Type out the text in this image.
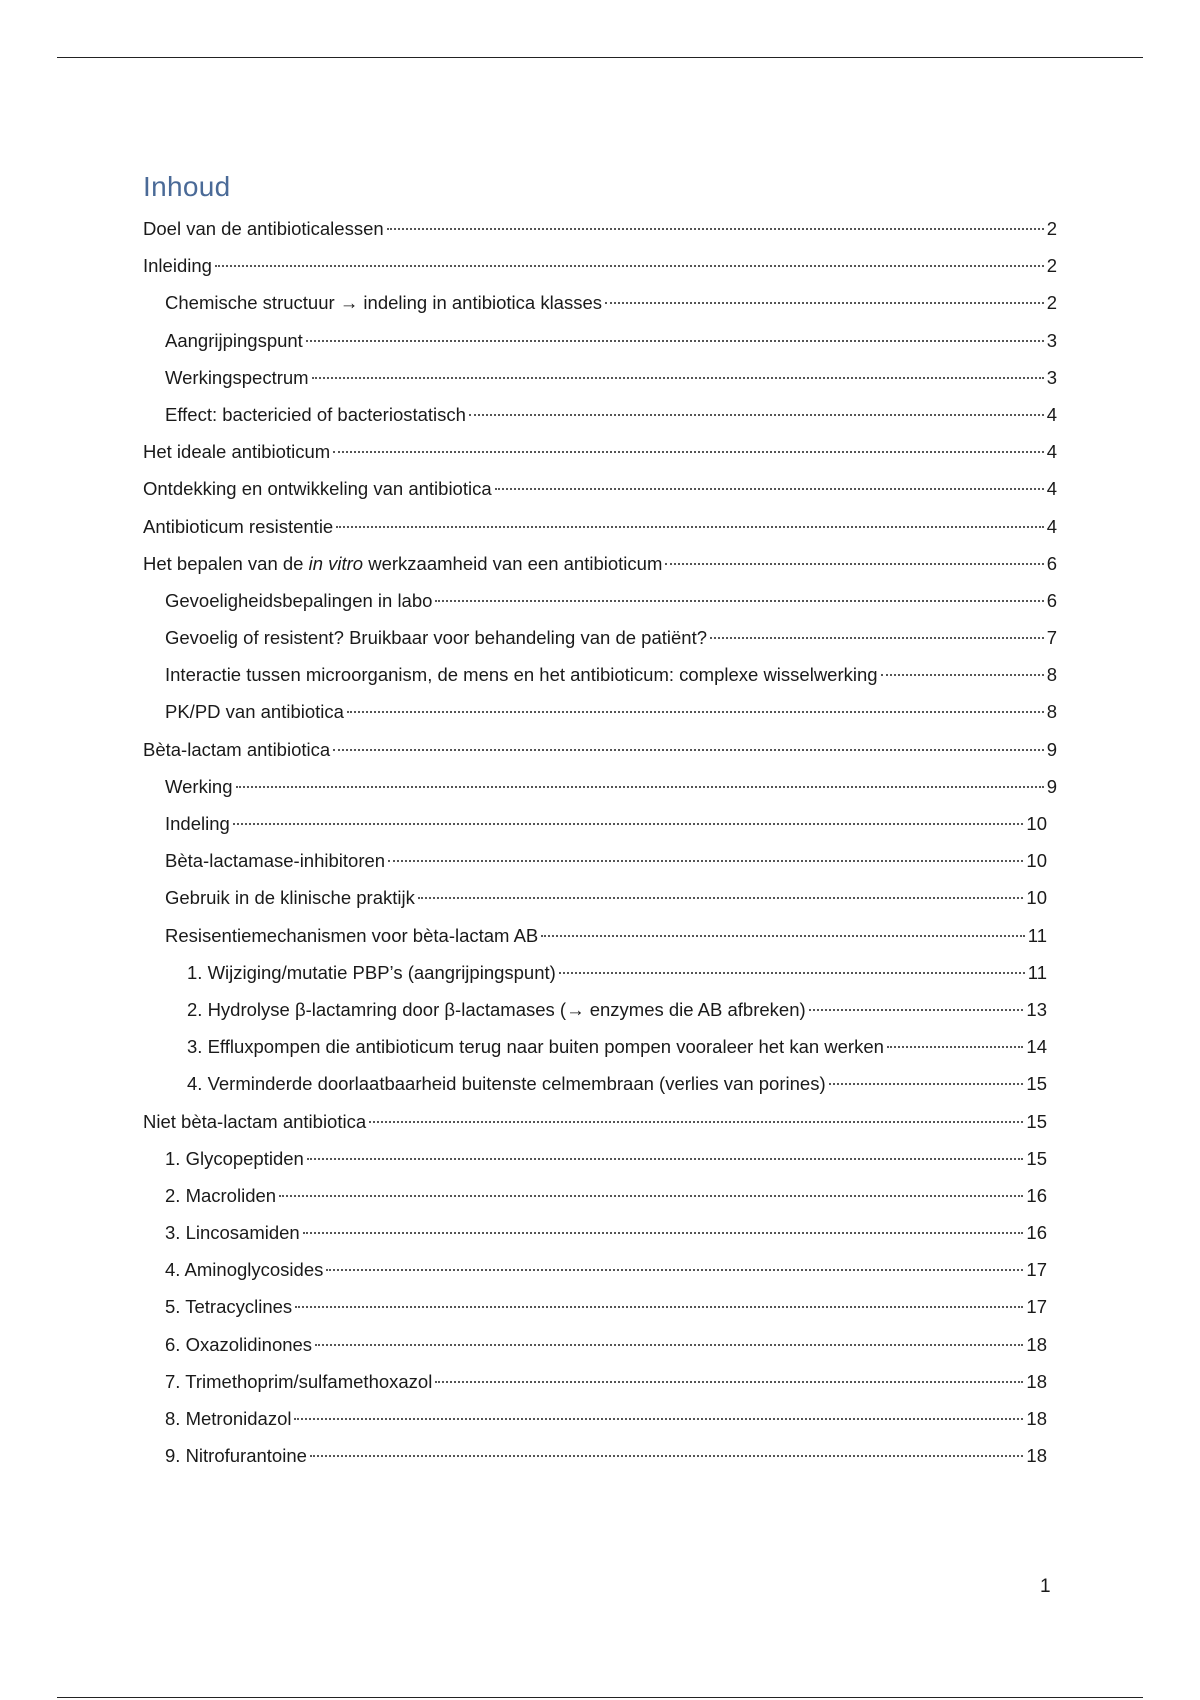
Inhoud
Doel van de antibioticalessen	2
Inleiding	2
Chemische structuur → indeling in antibiotica klasses	2
Aangrijpingspunt	3
Werkingspectrum	3
Effect: bactericied of bacteriostatisch	4
Het ideale antibioticum	4
Ontdekking en ontwikkeling van antibiotica	4
Antibioticum resistentie	4
Het bepalen van de in vitro werkzaamheid van een antibioticum	6
Gevoeligheidsbepalingen in labo	6
Gevoelig of resistent? Bruikbaar voor behandeling van de patiënt?	7
Interactie tussen microorganism, de mens en het antibioticum: complexe wisselwerking	8
PK/PD van antibiotica	8
Bèta-lactam antibiotica	9
Werking	9
Indeling	10
Bèta-lactamase-inhibitoren	10
Gebruik in de klinische praktijk	10
Resisentiemechanismen voor bèta-lactam AB	11
1. Wijziging/mutatie PBP’s (aangrijpingspunt)	11
2. Hydrolyse β-lactamring door β-lactamases (→ enzymes die AB afbreken)	13
3. Effluxpompen die antibioticum terug naar buiten pompen vooraleer het kan werken	14
4. Verminderde doorlaatbaarheid buitenste celmembraan (verlies van porines)	15
Niet bèta-lactam antibiotica	15
1. Glycopeptiden	15
2. Macroliden	16
3. Lincosamiden	16
4. Aminoglycosides	17
5. Tetracyclines	17
6. Oxazolidinones	18
7. Trimethoprim/sulfamethoxazol	18
8. Metronidazol	18
9. Nitrofurantoine	18
1
